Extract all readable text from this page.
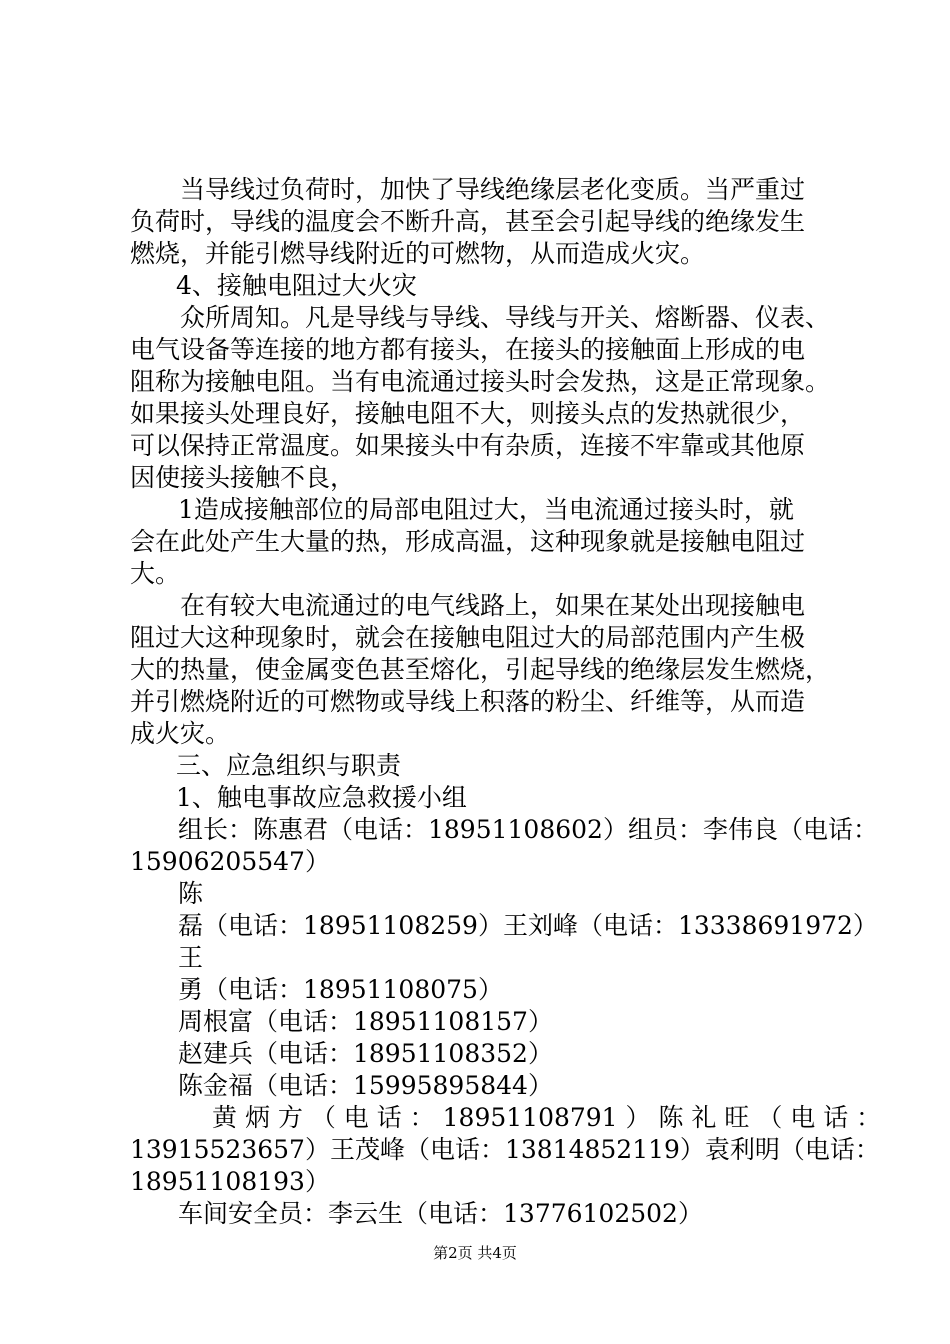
当导线过负荷时，加快了导线绝缘层老化变质。当严重过
负荷时，导线的温度会不断升高，甚至会引起导线的绝缘发生
燃烧，并能引燃导线附近的可燃物，从而造成火灾。
4、接触电阻过大火灾
众所周知。凡是导线与导线、导线与开关、熔断器、仪表、
电气设备等连接的地方都有接头，在接头的接触面上形成的电
阻称为接触电阻。当有电流通过接头时会发热，这是正常现象。
如果接头处理良好，接触电阻不大，则接头点的发热就很少，
可以保持正常温度。如果接头中有杂质，连接不牢靠或其他原
因使接头接触不良，
1造成接触部位的局部电阻过大，当电流通过接头时，就
会在此处产生大量的热，形成高温，这种现象就是接触电阻过
大。
在有较大电流通过的电气线路上，如果在某处出现接触电
阻过大这种现象时，就会在接触电阻过大的局部范围内产生极
大的热量，使金属变色甚至熔化，引起导线的绝缘层发生燃烧，
并引燃烧附近的可燃物或导线上积落的粉尘、纤维等，从而造
成火灾。
三、应急组织与职责
1、触电事故应急救援小组
组长：陈惠君（电话：18951108602）组员：李伟良（电话：
15906205547）
陈
磊（电话：18951108259）王刘峰（电话：13338691972）
王
勇（电话：18951108075）
周根富（电话：18951108157）
赵建兵（电话：18951108352）
陈金福（电话：15995895844）
黄 炳 方 （ 电 话 ： 18951108791 ） 陈 礼 旺 （ 电 话 ：
13915523657）王茂峰（电话：13814852119）袁利明（电话：
18951108193）
车间安全员：李云生（电话：13776102502）
第2页 共4页
